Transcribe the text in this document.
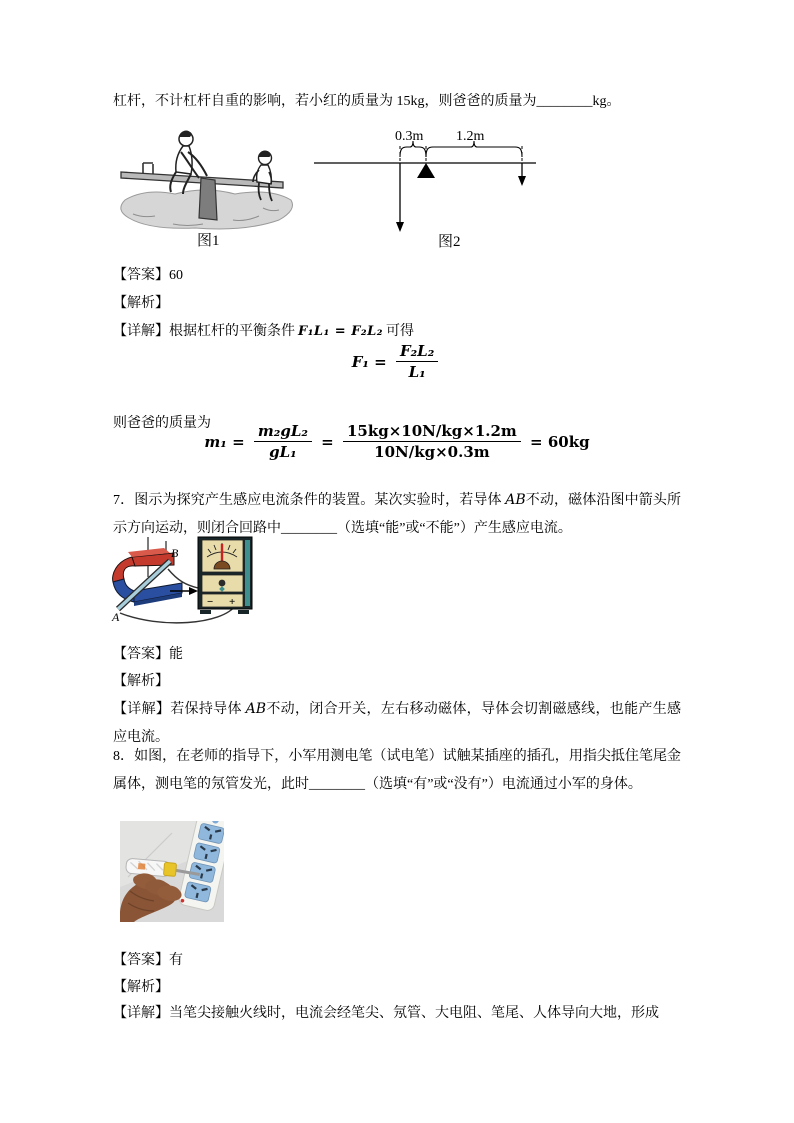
杠杆，不计杠杆自重的影响，若小红的质量为 15kg，则爸爸的质量为________kg。

图1
0.3m 1.2m
图2

【答案】60

【解析】

【详解】根据杠杆的平衡条件 F₁L₁ = F₂L₂ 可得

$F_1 = \frac{\text{F₂L₂}}{\text{L₁}}$

则爸爸的质量为

$m_1 = \frac{\text{m₂gL₂}}{\text{gL₁}} = \frac{15kg\times 10N/kg\times 1.2m}{10N/kg\times 0.3m} = 60kg$

7．图示为探究产生感应电流条件的装置。某次实验时，若导体 AB不动，磁体沿图中箭头所示方向运动，则闭合回路中________（选填“能”或“不能”）产生感应电流。

A
B
− +

【答案】能

【解析】

【详解】若保持导体 AB不动，闭合开关，左右移动磁体，导体会切割磁感线，也能产生感应电流。

8．如图，在老师的指导下，小军用测电笔（试电笔）试触某插座的插孔，用指尖抵住笔尾金属体，测电笔的氖管发光，此时________（选填“有”或“没有”）电流通过小军的身体。

【答案】有

【解析】

【详解】当笔尖接触火线时，电流会经笔尖、氖管、大电阻、笔尾、人体导向大地，形成
